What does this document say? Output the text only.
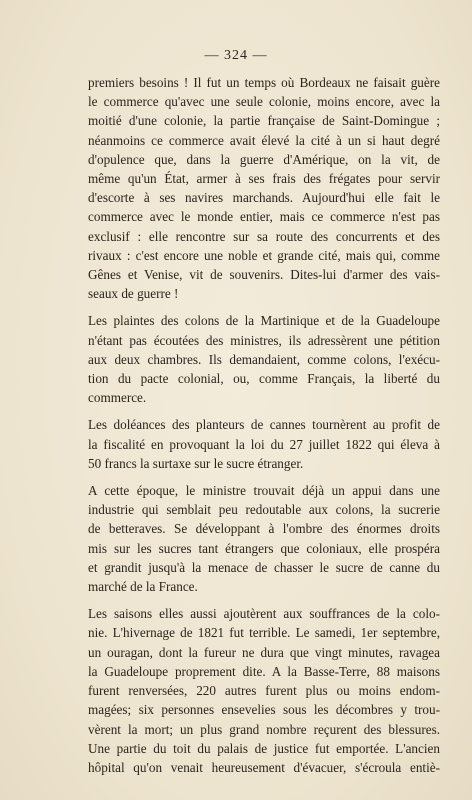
— 324 —
premiers besoins ! Il fut un temps où Bordeaux ne faisait guère
le commerce qu'avec une seule colonie, moins encore, avec la
moitié d'une colonie, la partie française de Saint-Domingue ;
néanmoins ce commerce avait élevé la cité à un si haut degré
d'opulence que, dans la guerre d'Amérique, on la vit, de
même qu'un État, armer à ses frais des frégates pour servir
d'escorte à ses navires marchands. Aujourd'hui elle fait le
commerce avec le monde entier, mais ce commerce n'est pas
exclusif : elle rencontre sur sa route des concurrents et des
rivaux : c'est encore une noble et grande cité, mais qui, comme
Gênes et Venise, vit de souvenirs. Dites-lui d'armer des vais-
seaux de guerre !
Les plaintes des colons de la Martinique et de la Guadeloupe
n'étant pas écoutées des ministres, ils adressèrent une pétition
aux deux chambres. Ils demandaient, comme colons, l'exécu-
tion du pacte colonial, ou, comme Français, la liberté du
commerce.
Les doléances des planteurs de cannes tournèrent au profit de
la fiscalité en provoquant la loi du 27 juillet 1822 qui éleva à
50 francs la surtaxe sur le sucre étranger.
A cette époque, le ministre trouvait déjà un appui dans une
industrie qui semblait peu redoutable aux colons, la sucrerie
de betteraves. Se développant à l'ombre des énormes droits
mis sur les sucres tant étrangers que coloniaux, elle prospéra
et grandit jusqu'à la menace de chasser le sucre de canne du
marché de la France.
Les saisons elles aussi ajoutèrent aux souffrances de la colo-
nie. L'hivernage de 1821 fut terrible. Le samedi, 1er septembre,
un ouragan, dont la fureur ne dura que vingt minutes, ravagea
la Guadeloupe proprement dite. A la Basse-Terre, 88 maisons
furent renversées, 220 autres furent plus ou moins endom-
magées; six personnes ensevelies sous les décombres y trou-
vèrent la mort; un plus grand nombre reçurent des blessures.
Une partie du toit du palais de justice fut emportée. L'ancien
hôpital qu'on venait heureusement d'évacuer, s'écroula entiè-
